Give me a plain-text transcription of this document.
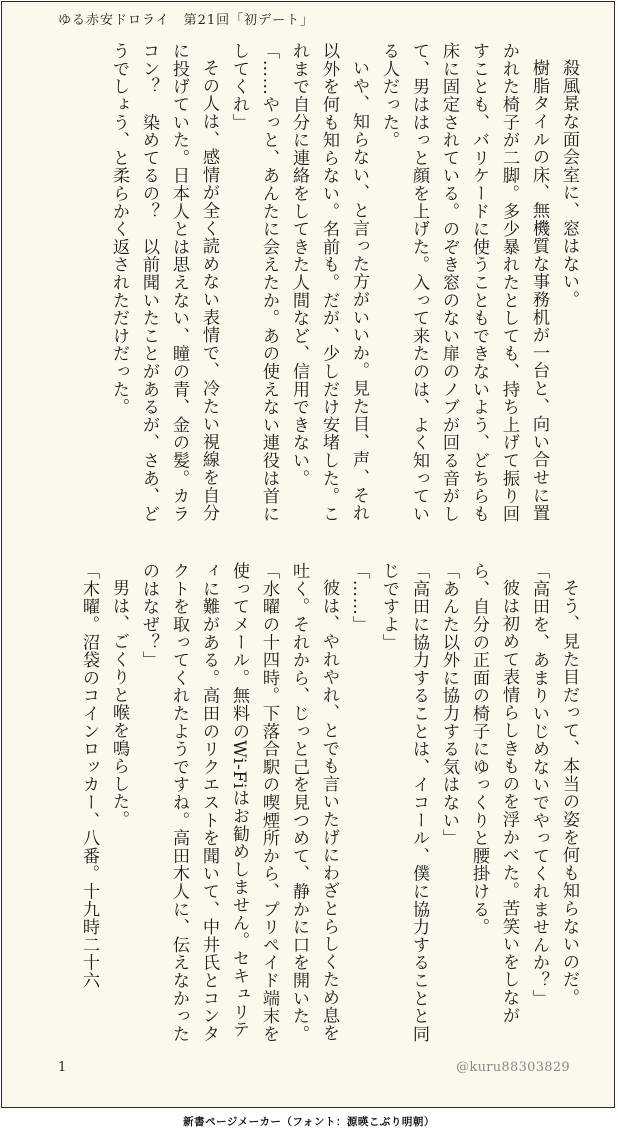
ゆる赤安ドロライ　第21回「初デート」

殺風景な面会室に、窓はない。

樹脂タイルの床、無機質な事務机が一台と、向い合せに置かれた椅子が二脚。多少暴れたとしても、持ち上げて振り回すことも、バリケードに使うこともできないよう、どちらも床に固定されている。のぞき窓のない扉のノブが回る音がして、男ははっと顔を上げた。入って来たのは、よく知っている人だった。

いや、知らない、と言った方がいいか。見た目、声、それ以外を何も知らない。名前も。だが、少しだけ安堵した。これまで自分に連絡をしてきた人間など、信用できない。

「……やっと、あんたに会えたか。あの使えない連役は首にしてくれ」

その人は、感情が全く読めない表情で、冷たい視線を自分に投げていた。日本人とは思えない、瞳の青、金の髪。カラコン？　染めてるの？　以前聞いたことがあるが、さあ、どうでしょう、と柔らかく返されただけだった。

そう、見た目だって、本当の姿を何も知らないのだ。

「高田を、あまりいじめないでやってくれませんか？」

彼は初めて表情らしきものを浮かべた。苦笑いをしながら、自分の正面の椅子にゆっくりと腰掛ける。

「あんた以外に協力する気はない」

「高田に協力することは、イコール、僕に協力することと同じですよ」

「……」

彼は、やれやれ、とでも言いたげにわざとらしくため息を吐く。それから、じっと己を見つめて、静かに口を開いた。

「水曜の十四時。下落合駅の喫煙所から、プリペイド端末を使ってメール。無料のWi‐Fiはお勧めしません。セキュリティに難がある。高田のリクエストを聞いて、中井氏とコンタクトを取ってくれたようですね。高田木人に、伝えなかったのはなぜ？」

男は、ごくりと喉を鳴らした。

「木曜。沼袋のコインロッカー、八番。十九時二十六

1	@kuru88303829
新書ページメーカー（フォント：源暎こぶり明朝）
